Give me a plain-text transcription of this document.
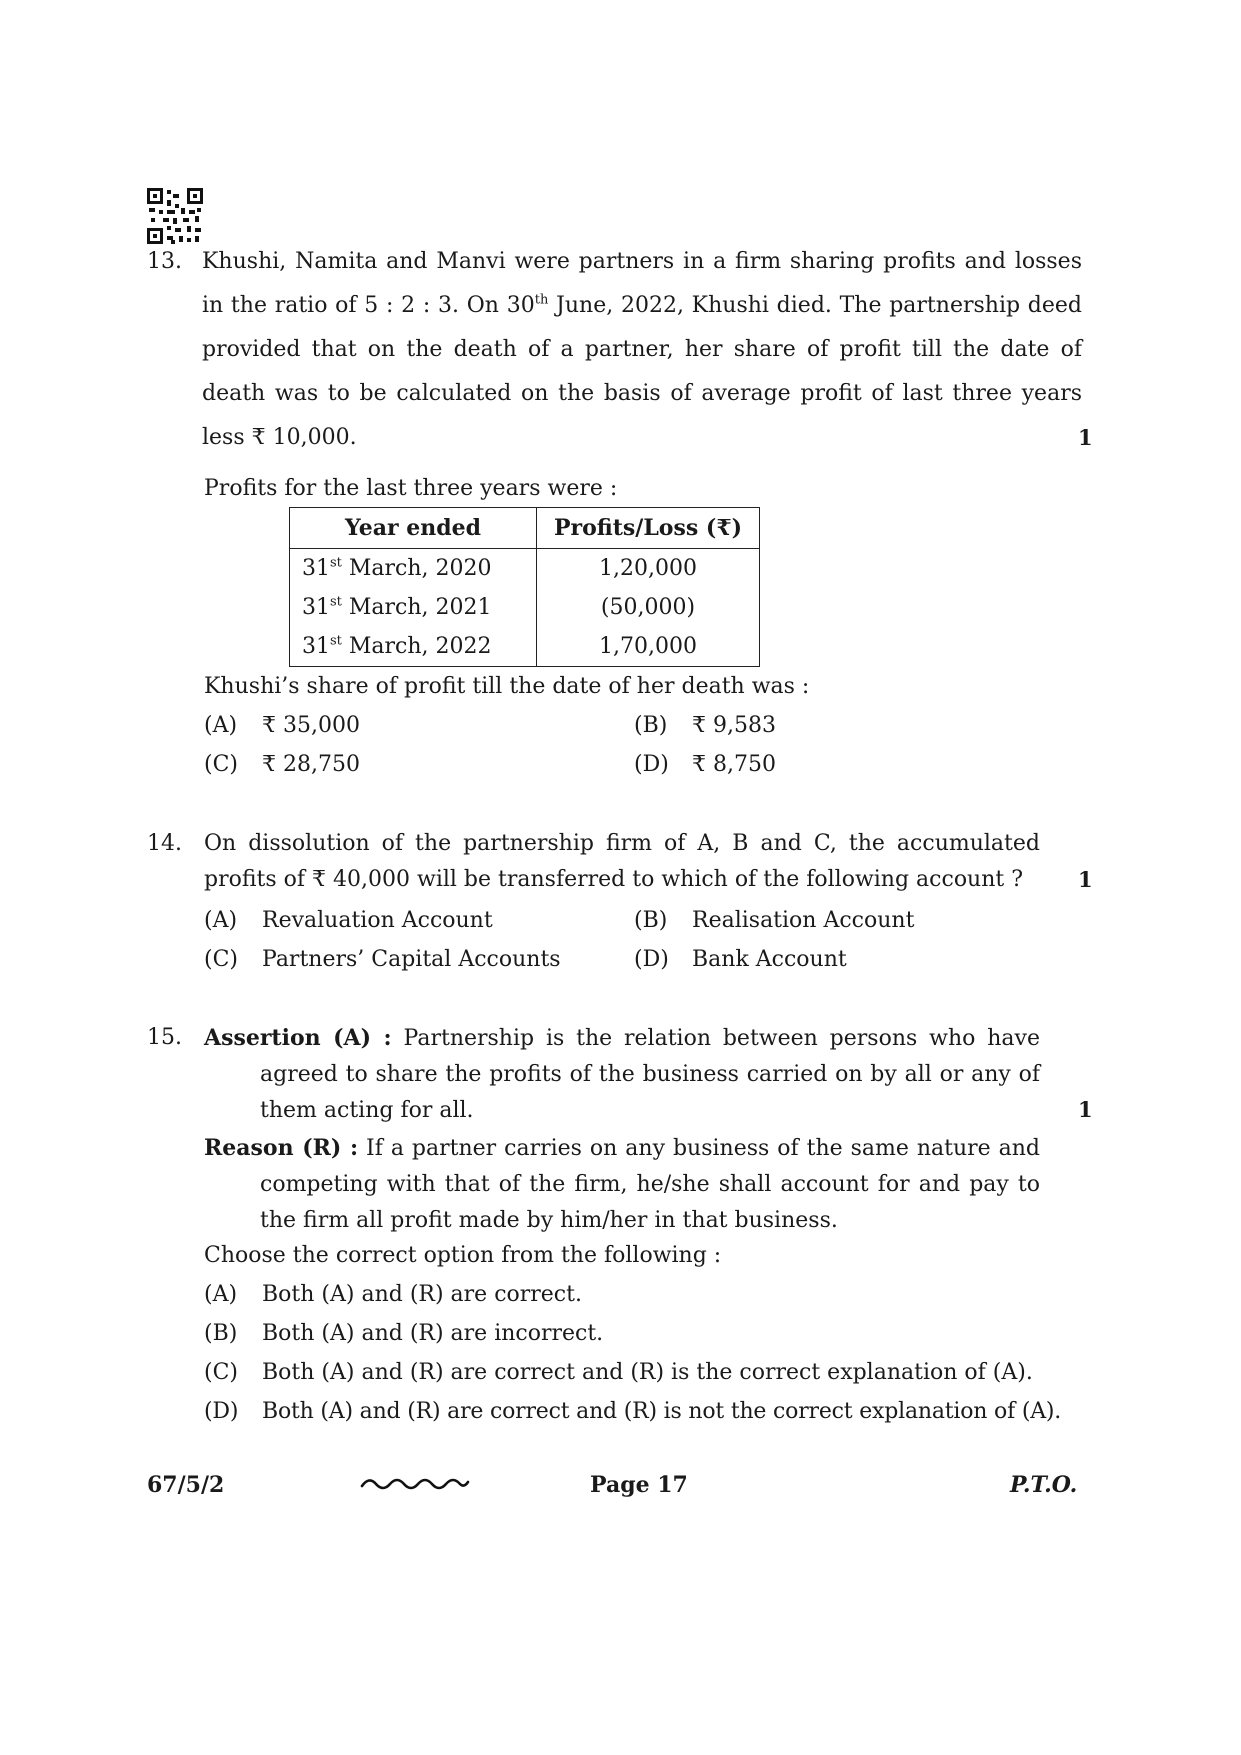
13. Khushi, Namita and Manvi were partners in a firm sharing profits and losses
in the ratio of 5 : 2 : 3. On 30th June, 2022, Khushi died. The partnership deed
provided that on the death of a partner, her share of profit till the date of
death was to be calculated on the basis of average profit of last three years
less ₹ 10,000.	1
Profits for the last three years were :
Year ended	Profits/Loss (₹)
31st March, 2020	1,20,000
31st March, 2021	(50,000)
31st March, 2022	1,70,000
Khushi’s share of profit till the date of her death was :
(A) ₹ 35,000	(B) ₹ 9,583
(C) ₹ 28,750	(D) ₹ 8,750
14. On dissolution of the partnership firm of A, B and C, the accumulated
profits of ₹ 40,000 will be transferred to which of the following account ?	1
(A) Revaluation Account	(B) Realisation Account
(C) Partners’ Capital Accounts	(D) Bank Account
15. Assertion (A) : Partnership is the relation between persons who have
agreed to share the profits of the business carried on by all or any of
them acting for all.	1
Reason (R) : If a partner carries on any business of the same nature and
competing with that of the firm, he/she shall account for and pay to
the firm all profit made by him/her in that business.
Choose the correct option from the following :
(A) Both (A) and (R) are correct.
(B) Both (A) and (R) are incorrect.
(C) Both (A) and (R) are correct and (R) is the correct explanation of (A).
(D) Both (A) and (R) are correct and (R) is not the correct explanation of (A).
67/5/2	Page 17	P.T.O.
